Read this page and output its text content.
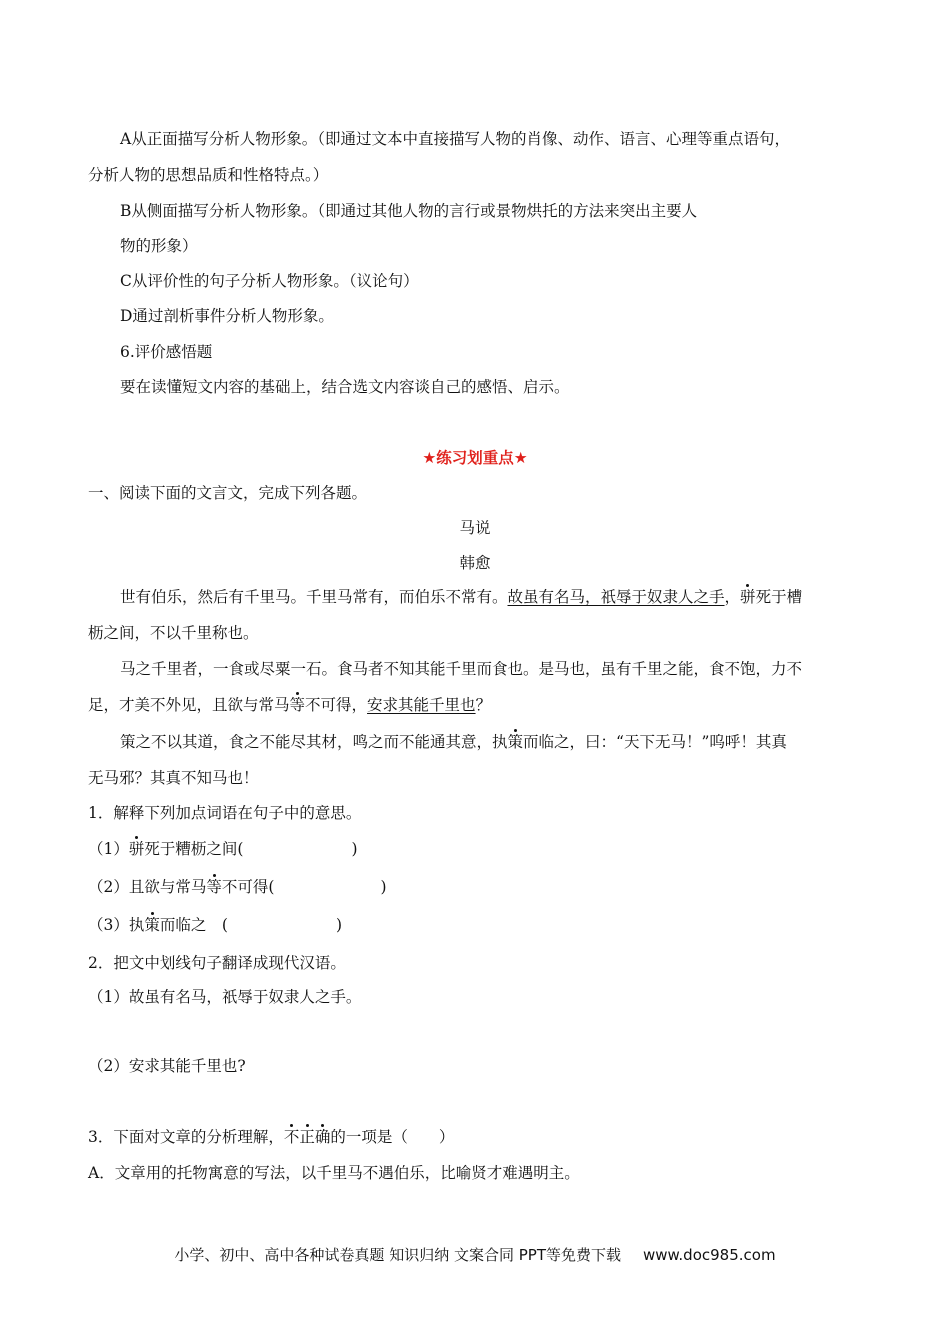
A从正面描写分析人物形象。（即通过文本中直接描写人物的肖像、动作、语言、心理等重点语句，
分析人物的思想品质和性格特点。）
B从侧面描写分析人物形象。（即通过其他人物的言行或景物烘托的方法来突出主要人
物的形象）
C从评价性的句子分析人物形象。（议论句）
D通过剖析事件分析人物形象。
6.评价感悟题
要在读懂短文内容的基础上，结合选文内容谈自己的感悟、启示。
★练习划重点★
一、阅读下面的文言文，完成下列各题。
马说
韩愈
世有伯乐，然后有千里马。千里马常有，而伯乐不常有。故虽有名马，祇辱于奴隶人之手，骈死于槽
枥之间，不以千里称也。
马之千里者，一食或尽粟一石。食马者不知其能千里而食也。是马也，虽有千里之能，食不饱，力不
足，才美不外见，且欲与常马等不可得，安求其能千里也？
策之不以其道，食之不能尽其材，鸣之而不能通其意，执策而临之，曰：“天下无马！”呜呼！其真
无马邪？其真不知马也！
1．解释下列加点词语在句子中的意思。
（1）骈死于糟枥之间(	)
（2）且欲与常马等不可得(	)
（3）执策而临之　(	)
2．把文中划线句子翻译成现代汉语。
（1）故虽有名马，祇辱于奴隶人之手。
（2）安求其能千里也?
3．下面对文章的分析理解，不正确的一项是（　　）
A．文章用的托物寓意的写法，以千里马不遇伯乐，比喻贤才难遇明主。
小学、初中、高中各种试卷真题 知识归纳 文案合同 PPT等免费下载 www.doc985.com
